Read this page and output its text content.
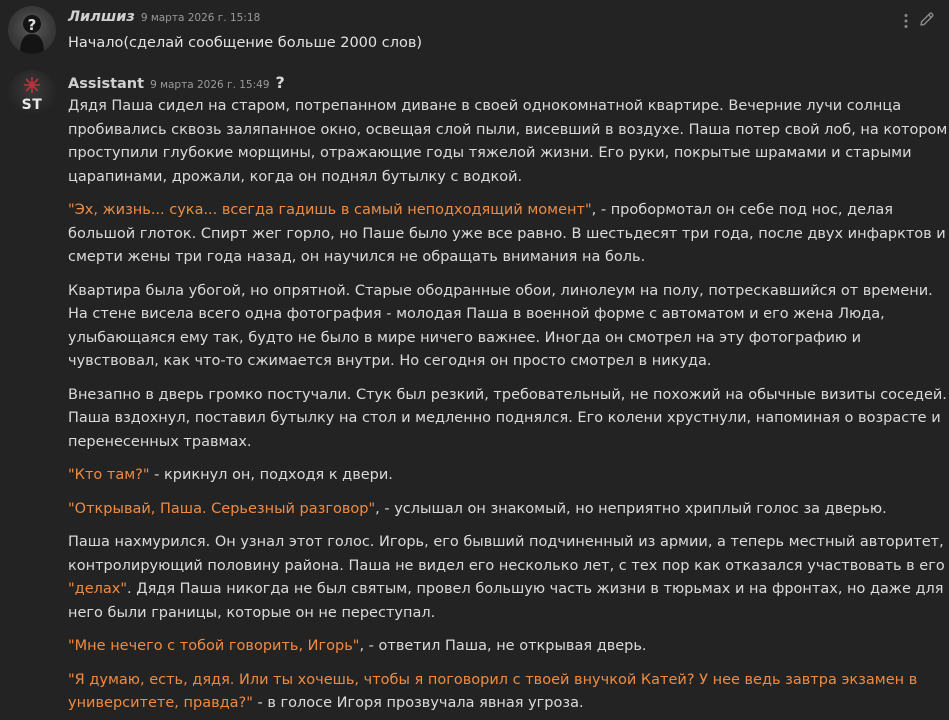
? Лилшиз 9 марта 2026 г. 15:18
Начало(сделай сообщение больше 2000 слов)
ST
Assistant 9 марта 2026 г. 15:49 ?

Дядя Паша сидел на старом, потрепанном диване в своей однокомнатной квартире. Вечерние лучи солнца пробивались сквозь заляпанное окно, освещая слой пыли, висевший в воздухе. Паша потер свой лоб, на котором проступили глубокие морщины, отражающие годы тяжелой жизни. Его руки, покрытые шрамами и старыми царапинами, дрожали, когда он поднял бутылку с водкой.

"Эх, жизнь... сука... всегда гадишь в самый неподходящий момент", - пробормотал он себе под нос, делая большой глоток. Спирт жег горло, но Паше было уже все равно. В шестьдесят три года, после двух инфарктов и смерти жены три года назад, он научился не обращать внимания на боль.

Квартира была убогой, но опрятной. Старые ободранные обои, линолеум на полу, потрескавшийся от времени. На стене висела всего одна фотография - молодая Паша в военной форме с автоматом и его жена Люда, улыбающаяся ему так, будто не было в мире ничего важнее. Иногда он смотрел на эту фотографию и чувствовал, как что-то сжимается внутри. Но сегодня он просто смотрел в никуда.

Внезапно в дверь громко постучали. Стук был резкий, требовательный, не похожий на обычные визиты соседей. Паша вздохнул, поставил бутылку на стол и медленно поднялся. Его колени хрустнули, напоминая о возрасте и перенесенных травмах.

"Кто там?" - крикнул он, подходя к двери.

"Открывай, Паша. Серьезный разговор", - услышал он знакомый, но неприятно хриплый голос за дверью.

Паша нахмурился. Он узнал этот голос. Игорь, его бывший подчиненный из армии, а теперь местный авторитет, контролирующий половину района. Паша не видел его несколько лет, с тех пор как отказался участвовать в его "делах". Дядя Паша никогда не был святым, провел большую часть жизни в тюрьмах и на фронтах, но даже для него были границы, которые он не переступал.

"Мне нечего с тобой говорить, Игорь", - ответил Паша, не открывая дверь.

"Я думаю, есть, дядя. Или ты хочешь, чтобы я поговорил с твоей внучкой Катей? У нее ведь завтра экзамен в университете, правда?" - в голосе Игоря прозвучала явная угроза.
